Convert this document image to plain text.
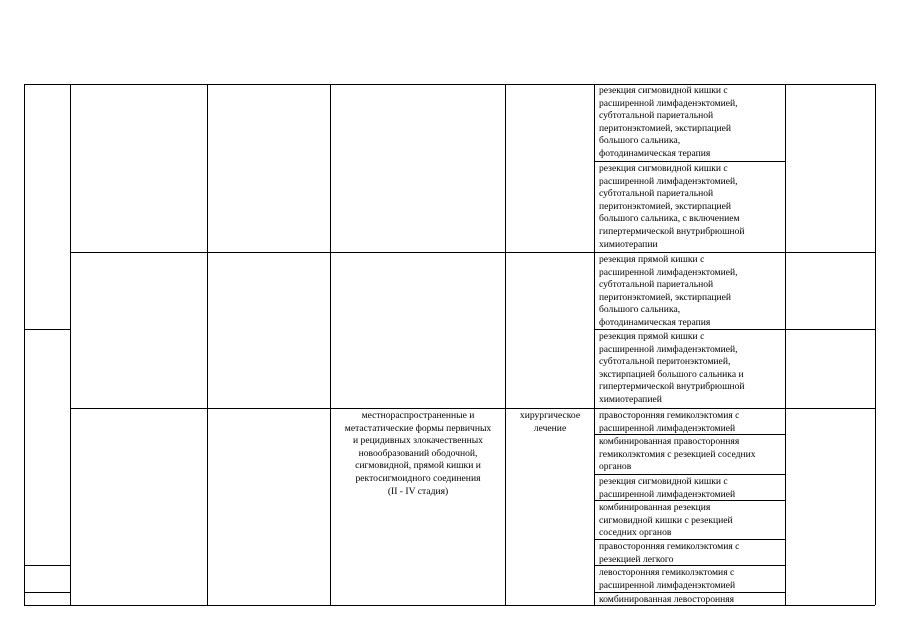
резекция сигмовидной кишки с
расширенной лимфаденэктомией,
субтотальной париетальной
перитонэктомией, экстирпацией
большого сальника,
фотодинамическая терапия
резекция сигмовидной кишки с
расширенной лимфаденэктомией,
субтотальной париетальной
перитонэктомией, экстирпацией
большого сальника, с включением
гипертермической внутрибрюшной
химиотерапии
резекция прямой кишки с
расширенной лимфаденэктомией,
субтотальной париетальной
перитонэктомией, экстирпацией
большого сальника,
фотодинамическая терапия
резекция прямой кишки с
расширенной лимфаденэктомией,
субтотальной перитонэктомией,
экстирпацией большого сальника и
гипертермической внутрибрюшной
химиотерапией
правосторонняя гемиколэктомия с
расширенной лимфаденэктомией
комбинированная правосторонняя
гемиколэктомия с резекцией соседних
органов
резекция сигмовидной кишки с
расширенной лимфаденэктомией
комбинированная резекция
сигмовидной кишки с резекцией
соседних органов
правосторонняя гемиколэктомия с
резекцией легкого
левосторонняя гемиколэктомия с
расширенной лимфаденэктомией
комбинированная левосторонняя
местнораспространенные и
метастатические формы первичных
и рецидивных злокачественных
новообразований ободочной,
сигмовидной, прямой кишки и
ректосигмоидного соединения
(II - IV стадия)
хирургическое
лечение
